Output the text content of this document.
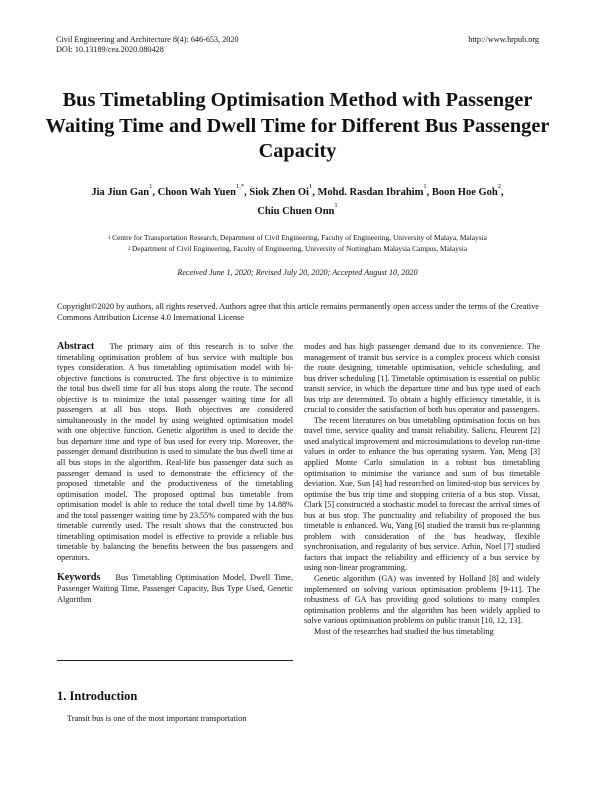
Civil Engineering and Architecture 8(4): 646-653, 2020
DOI: 10.13189/cea.2020.080428
http://www.hrpub.org
Bus Timetabling Optimisation Method with Passenger Waiting Time and Dwell Time for Different Bus Passenger Capacity
Jia Jiun Gan$^1$, Choon Wah Yuen$^{1,*}$, Siok Zhen Oi$^1$, Mohd. Rasdan Ibrahim$^1$, Boon Hoe Goh$^2$,
Chiu Chuen Onn$^1$
$^1$ Centre for Transportation Research, Department of Civil Engineering, Faculty of Engineering, University of Malaya, Malaysia
$^2$ Department of Civil Engineering, Faculty of Engineering, University of Nottingham Malaysia Campus, Malaysia
Received June 1, 2020; Revised July 20, 2020; Accepted August 10, 2020
Copyright©2020 by authors, all rights reserved. Authors agree that this article remains permanently open access under the terms of the Creative Commons Attribution License 4.0 International License

Abstract The primary aim of this research is to solve the timetabling optimisation problem of bus service with multiple bus types consideration. A bus timetabling optimisation model with bi-objective functions is constructed. The first objective is to minimize the total bus dwell time for all bus stops along the route. The second objective is to minimize the total passenger waiting time for all passengers at all bus stops. Both objectives are considered simultaneously in the model by using weighted optimisation model with one objective function. Genetic algorithm is used to decide the bus departure time and type of bus used for every trip. Moreover, the passenger demand distribution is used to simulate the bus dwell time at all bus stops in the algorithm. Real-life bus passenger data such as passenger demand is used to demonstrate the efficiency of the proposed timetable and the productiveness of the timetabling optimisation model. The proposed optimal bus timetable from optimisation model is able to reduce the total dwell time by 14.88% and the total passenger waiting time by 23.55% compared with the bus timetable currently used. The result shows that the constructed bus timetabling optimisation model is effective to provide a reliable bus timetable by balancing the benefits between the bus passengers and operators.

Keywords Bus Timetabling Optimisation Model, Dwell Time, Passenger Waiting Time, Passenger Capacity, Bus Type Used, Genetic Algorithm

1. Introduction
Transit bus is one of the most important transportation

modes and has high passenger demand due to its convenience. The management of transit bus service is a complex process which consist the route designing, timetable optimisation, vehicle scheduling, and bus driver scheduling [1]. Timetable optimisation is essential on public transit service, in which the departure time and bus type used of each bus trip are determined. To obtain a highly efficiency timetable, it is crucial to consider the satisfaction of both bus operator and passengers.

The recent literatures on bus timetabling optimisation focus on bus travel time, service quality and transit reliability. Salicru, Fleurent [2] used analytical improvement and microsimulations to develop run-time values in order to enhance the bus operating system. Yan, Meng [3] applied Monte Carlo simulation in a robust bus timetabling optimisation to minimise the variance and sum of bus timetable deviation. Xue, Sun [4] had researched on limited-stop bus services by optimise the bus trip time and stopping criteria of a bus stop. Vissat, Clark [5] constructed a stochastic model to forecast the arrival times of bus at bus stop. The punctuality and reliability of proposed the bus timetable is enhanced. Wu, Yang [6] studied the transit bus re-planning problem with consideration of the bus headway, flexible synchronisation, and regularity of bus service. Arhin, Noel [7] studied factors that impact the reliability and efficiency of a bus service by using non-linear programming.

Genetic algorithm (GA) was invented by Holland [8] and widely implemented on solving various optimisation problems [9-11]. The robustness of GA has providing good solutions to many complex optimisation problems and the algorithm has been widely applied to solve various optimisation problems on public transit [10, 12, 13].

Most of the researches had studied the bus timetabling
